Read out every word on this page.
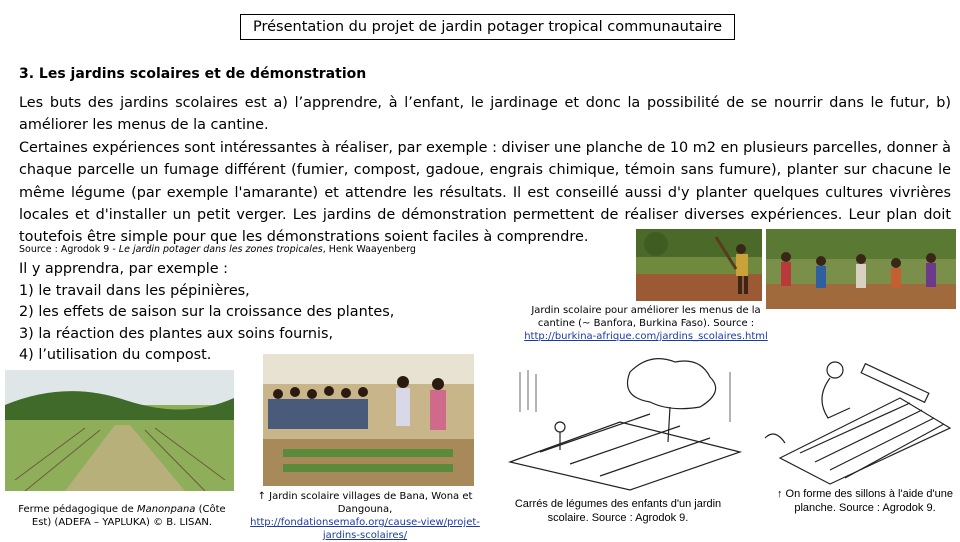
Présentation du projet de jardin potager tropical communautaire
3. Les jardins scolaires et de démonstration

Les buts des jardins scolaires est a) l’apprendre, à l’enfant, le jardinage et donc la possibilité de se nourrir dans le futur, b) améliorer les menus de la cantine.

Certaines expériences sont intéressantes à réaliser, par exemple : diviser une planche de 10 m2 en plusieurs parcelles, donner à chaque parcelle un fumage différent (fumier, compost, gadoue, engrais chimique, témoin sans fumure), planter sur chacune le même légume (par exemple l'amarante) et attendre les résultats. Il est conseillé aussi d'y planter quelques cultures vivrières locales et d'installer un petit verger. Les jardins de démonstration permettent de réaliser diverses expériences. Leur plan doit toutefois être simple pour que les démonstrations soient faciles à comprendre.

Source : Agrodok 9 - Le jardin potager dans les zones tropicales, Henk Waayenberg
Il y apprendra, par exemple :
1) le travail dans les pépinières,
2) les effets de saison sur la croissance des plantes,
3) la réaction des plantes aux soins fournis,
4) l’utilisation du compost.
Jardin scolaire pour améliorer les menus de la cantine (~ Banfora, Burkina Faso). Source :
http://burkina-afrique.com/jardins_scolaires.html
Ferme pédagogique de Manonpana (Côte Est) (ADEFA – YAPLUKA) © B. LISAN.
↑ Jardin scolaire villages de Bana, Wona et Dangouna,
http://fondationsemafo.org/cause-view/projet-jardins-scolaires/
Carrés de légumes des enfants d'un jardin scolaire. Source : Agrodok 9.
↑ On forme des sillons à l'aide d'une planche. Source : Agrodok 9.
